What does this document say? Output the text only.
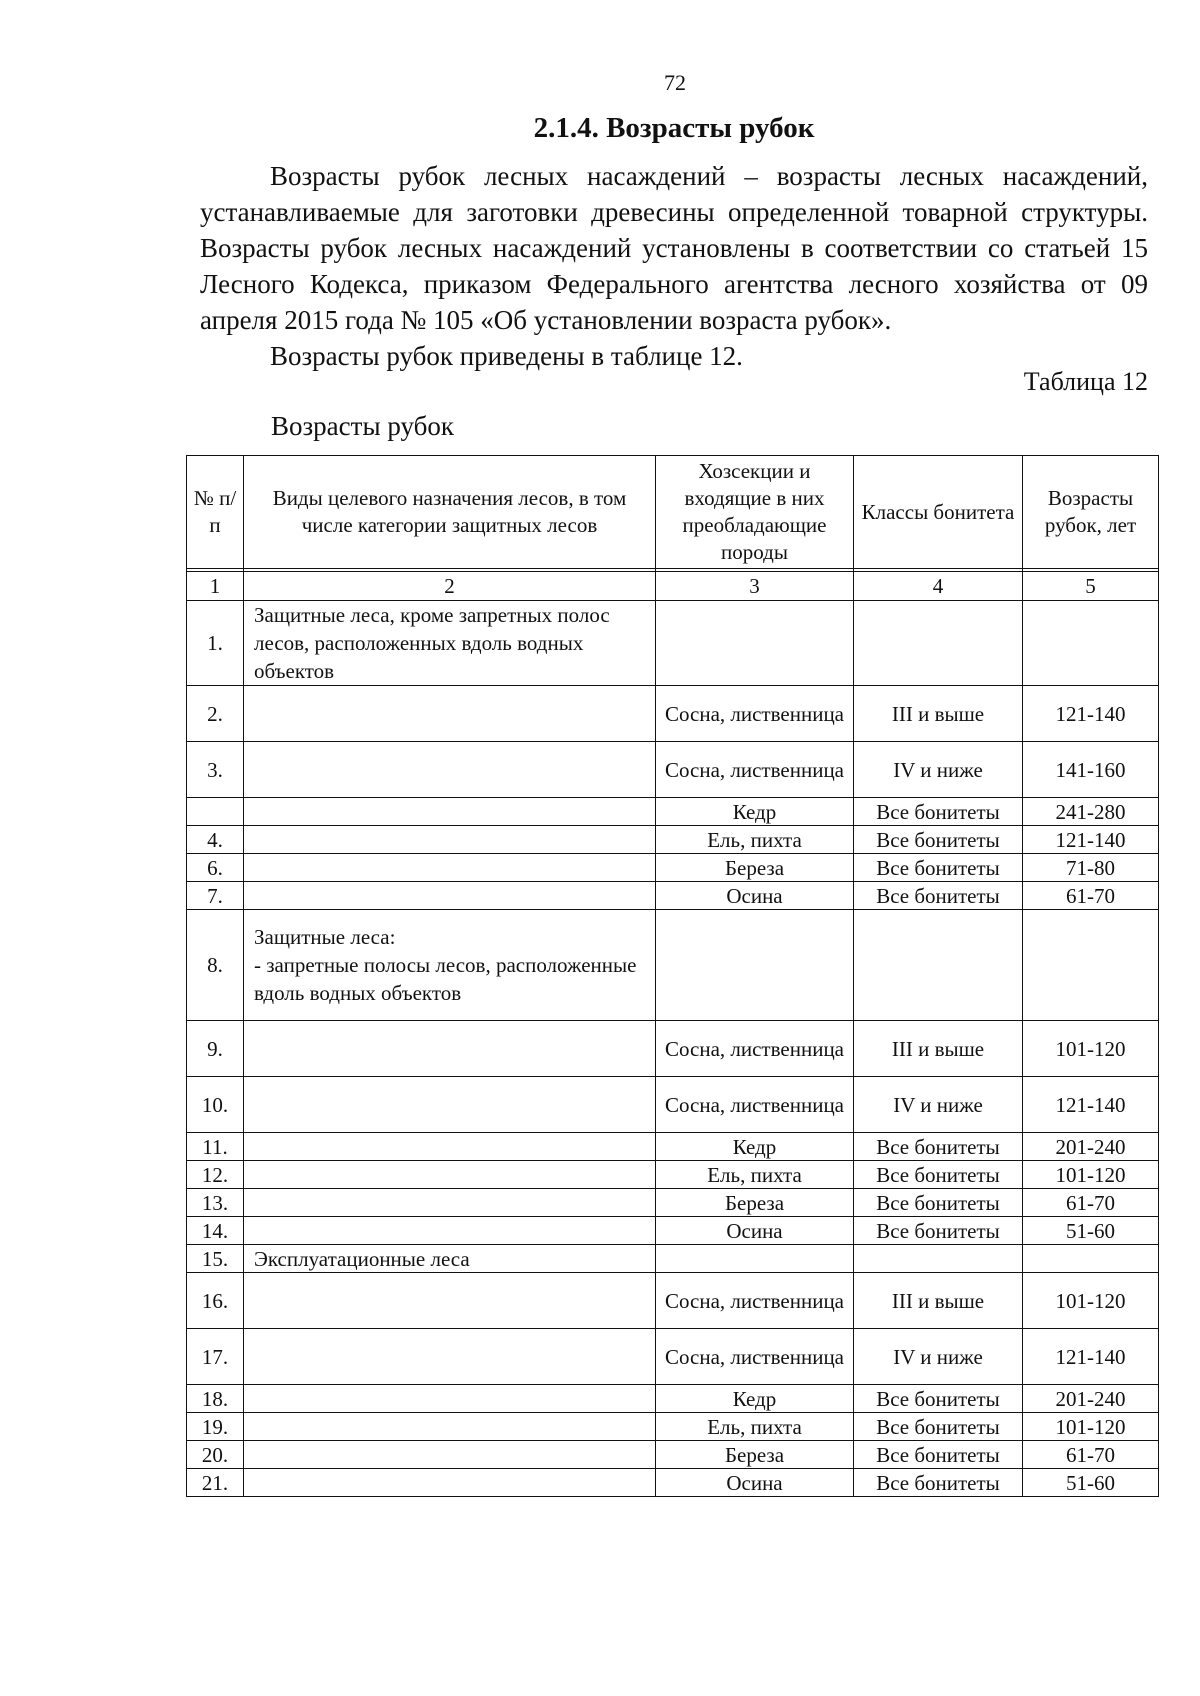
72
2.1.4. Возрасты рубок

Возрасты рубок лесных насаждений – возрасты лесных насаждений, устанавливаемые для заготовки древесины определенной товарной структуры. Возрасты рубок лесных насаждений установлены в соответствии со статьей 15 Лесного Кодекса, приказом Федерального агентства лесного хозяйства от 09 апреля 2015 года № 105 «Об установлении возраста рубок».

Возрасты рубок приведены в таблице 12.

Таблица 12
Возрасты рубок
№ п/п	Виды целевого назначения лесов, в том числе категории защитных лесов	Хозсекции и входящие в них преобладающие породы	Классы бонитета	Возрасты рубок, лет

1	2	3	4	5
1.	Защитные леса, кроме запретных полос лесов, расположенных вдоль водных объектов			
2.		Сосна, лиственница	III и выше	121-140
3.		Сосна, лиственница	IV и ниже	141-160
		Кедр	Все бонитеты	241-280
4.		Ель, пихта	Все бонитеты	121-140
6.		Береза	Все бонитеты	71-80
7.		Осина	Все бонитеты	61-70
8.	Защитные леса:
- запретные полосы лесов, расположенные вдоль водных объектов			
9.		Сосна, лиственница	III и выше	101-120
10.		Сосна, лиственница	IV и ниже	121-140
11.		Кедр	Все бонитеты	201-240
12.		Ель, пихта	Все бонитеты	101-120
13.		Береза	Все бонитеты	61-70
14.		Осина	Все бонитеты	51-60
15.	Эксплуатационные леса			
16.		Сосна, лиственница	III и выше	101-120
17.		Сосна, лиственница	IV и ниже	121-140
18.		Кедр	Все бонитеты	201-240
19.		Ель, пихта	Все бонитеты	101-120
20.		Береза	Все бонитеты	61-70
21.		Осина	Все бонитеты	51-60
